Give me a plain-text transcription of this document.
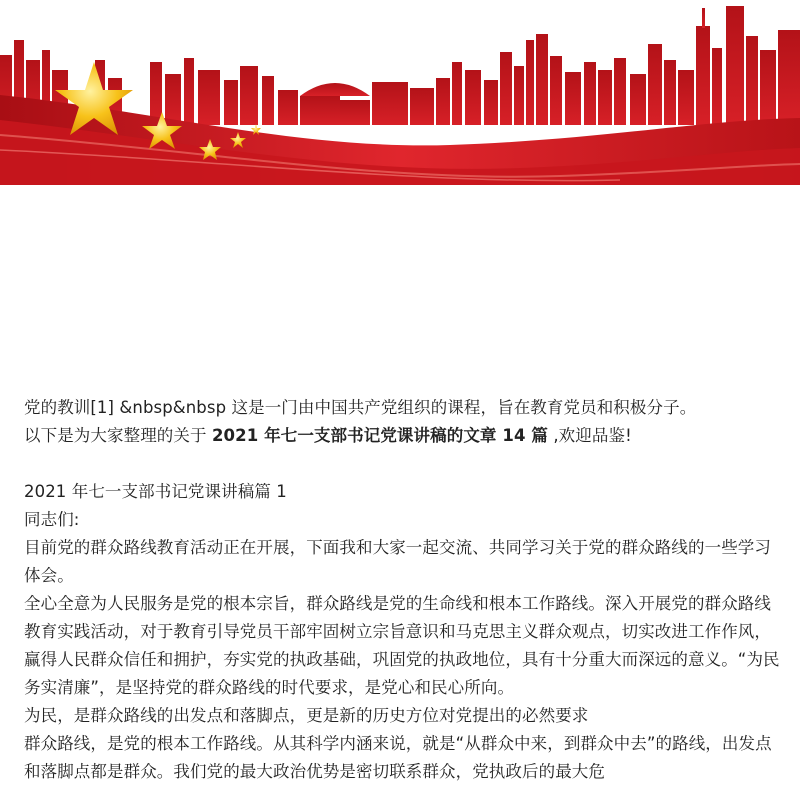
党的教训[1] &nbsp&nbsp 这是一门由中国共产党组织的课程，旨在教育党员和积极分子。

以下是为大家整理的关于 2021 年七一支部书记党课讲稿的文章 14 篇 ,欢迎品鉴!

2021 年七一支部书记党课讲稿篇 1

同志们:

目前党的群众路线教育活动正在开展，下面我和大家一起交流、共同学习关于党的群众路线的一些学习体会。

全心全意为人民服务是党的根本宗旨，群众路线是党的生命线和根本工作路线。深入开展党的群众路线教育实践活动，对于教育引导党员干部牢固树立宗旨意识和马克思主义群众观点，切实改进工作作风，赢得人民群众信任和拥护，夯实党的执政基础，巩固党的执政地位，具有十分重大而深远的意义。“为民务实清廉”，是坚持党的群众路线的时代要求，是党心和民心所向。

为民，是群众路线的出发点和落脚点，更是新的历史方位对党提出的必然要求

群众路线，是党的根本工作路线。从其科学内涵来说，就是“从群众中来，到群众中去”的路线，出发点和落脚点都是群众。我们党的最大政治优势是密切联系群众，党执政后的最大危
